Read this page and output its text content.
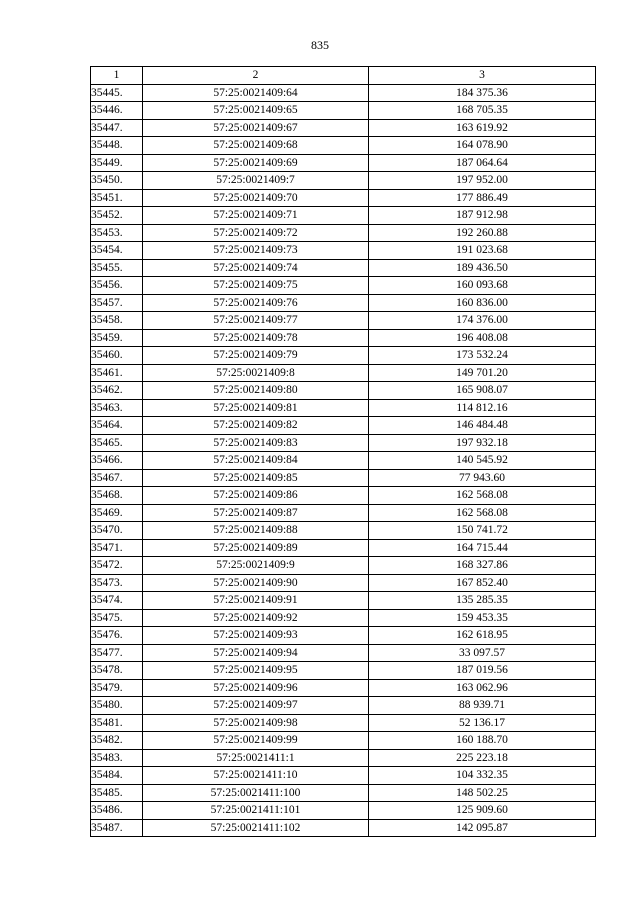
835
1	2	3
35445.	57:25:0021409:64	184 375.36
35446.	57:25:0021409:65	168 705.35
35447.	57:25:0021409:67	163 619.92
35448.	57:25:0021409:68	164 078.90
35449.	57:25:0021409:69	187 064.64
35450.	57:25:0021409:7	197 952.00
35451.	57:25:0021409:70	177 886.49
35452.	57:25:0021409:71	187 912.98
35453.	57:25:0021409:72	192 260.88
35454.	57:25:0021409:73	191 023.68
35455.	57:25:0021409:74	189 436.50
35456.	57:25:0021409:75	160 093.68
35457.	57:25:0021409:76	160 836.00
35458.	57:25:0021409:77	174 376.00
35459.	57:25:0021409:78	196 408.08
35460.	57:25:0021409:79	173 532.24
35461.	57:25:0021409:8	149 701.20
35462.	57:25:0021409:80	165 908.07
35463.	57:25:0021409:81	114 812.16
35464.	57:25:0021409:82	146 484.48
35465.	57:25:0021409:83	197 932.18
35466.	57:25:0021409:84	140 545.92
35467.	57:25:0021409:85	77 943.60
35468.	57:25:0021409:86	162 568.08
35469.	57:25:0021409:87	162 568.08
35470.	57:25:0021409:88	150 741.72
35471.	57:25:0021409:89	164 715.44
35472.	57:25:0021409:9	168 327.86
35473.	57:25:0021409:90	167 852.40
35474.	57:25:0021409:91	135 285.35
35475.	57:25:0021409:92	159 453.35
35476.	57:25:0021409:93	162 618.95
35477.	57:25:0021409:94	33 097.57
35478.	57:25:0021409:95	187 019.56
35479.	57:25:0021409:96	163 062.96
35480.	57:25:0021409:97	88 939.71
35481.	57:25:0021409:98	52 136.17
35482.	57:25:0021409:99	160 188.70
35483.	57:25:0021411:1	225 223.18
35484.	57:25:0021411:10	104 332.35
35485.	57:25:0021411:100	148 502.25
35486.	57:25:0021411:101	125 909.60
35487.	57:25:0021411:102	142 095.87
